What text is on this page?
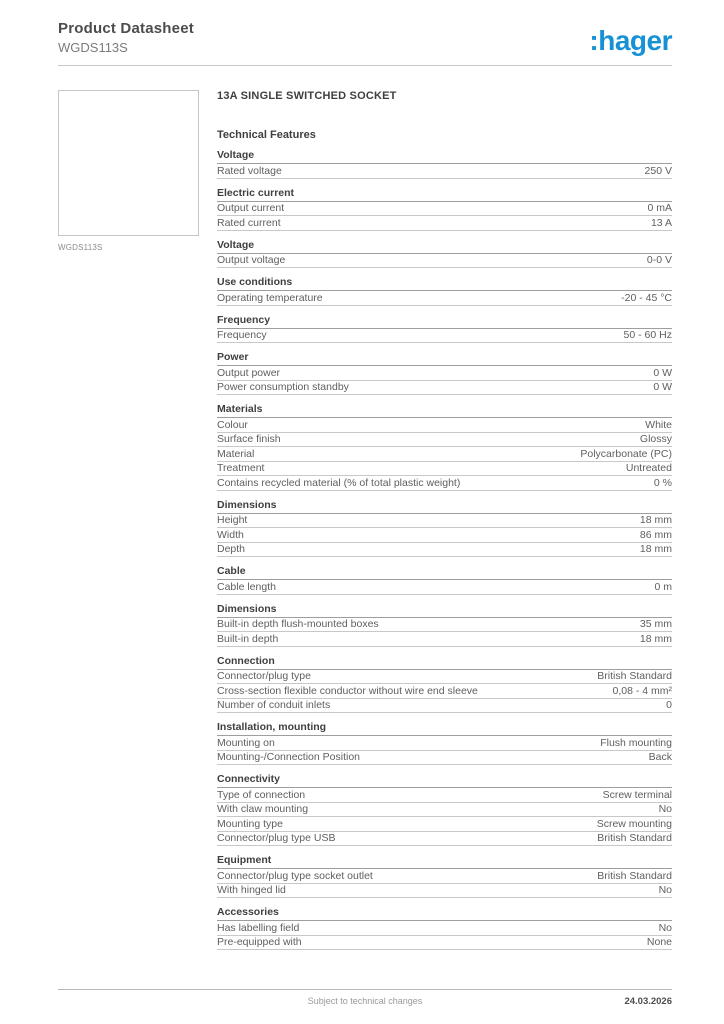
Product Datasheet
WGDS113S	:hager
WGDS113S
13A SINGLE SWITCHED SOCKET
Technical Features
Voltage
Rated voltage	250 V
Electric current
Output current	0 mA
Rated current	13 A
Voltage
Output voltage	0-0 V
Use conditions
Operating temperature	-20 - 45 °C
Frequency
Frequency	50 - 60 Hz
Power
Output power	0 W
Power consumption standby	0 W
Materials
Colour	White
Surface finish	Glossy
Material	Polycarbonate (PC)
Treatment	Untreated
Contains recycled material (% of total plastic weight)	0 %
Dimensions
Height	18 mm
Width	86 mm
Depth	18 mm
Cable
Cable length	0 m
Dimensions
Built-in depth flush-mounted boxes	35 mm
Built-in depth	18 mm
Connection
Connector/plug type	British Standard
Cross-section flexible conductor without wire end sleeve	0,08 - 4 mm²
Number of conduit inlets	0
Installation, mounting
Mounting on	Flush mounting
Mounting-/Connection Position	Back
Connectivity
Type of connection	Screw terminal
With claw mounting	No
Mounting type	Screw mounting
Connector/plug type USB	British Standard
Equipment
Connector/plug type socket outlet	British Standard
With hinged lid	No
Accessories
Has labelling field	No
Pre-equipped with	None
Subject to technical changes	24.03.2026
